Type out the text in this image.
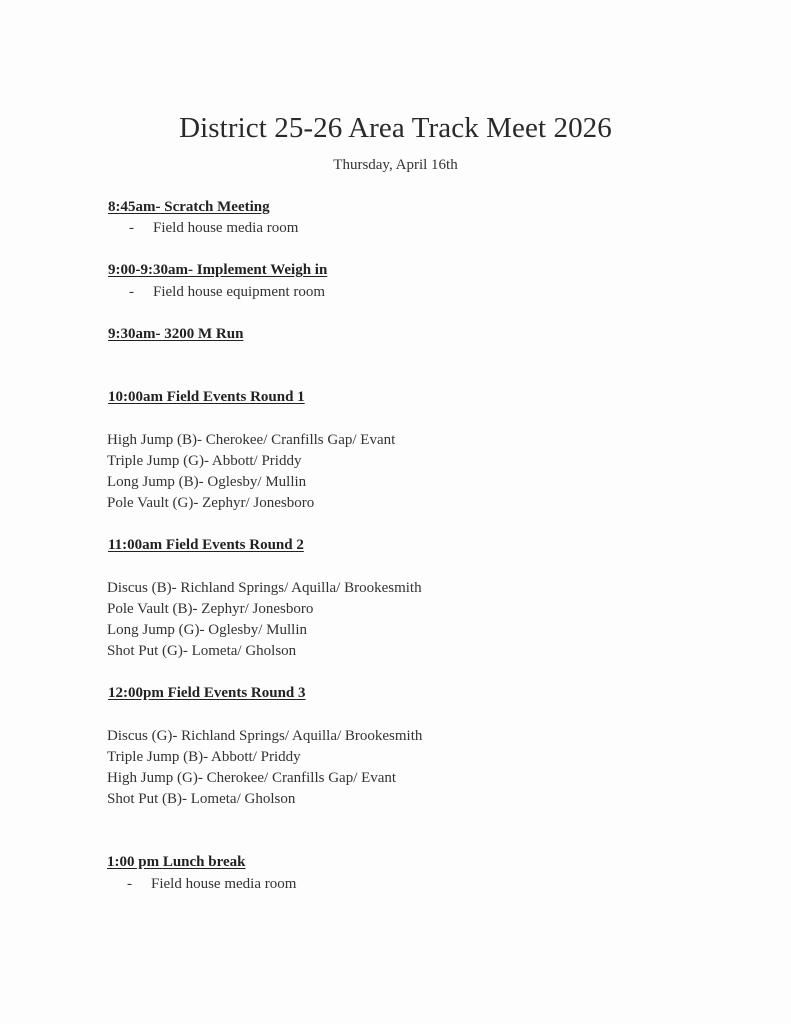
District 25-26 Area Track Meet 2026
Thursday, April 16th
8:45am- Scratch Meeting
- Field house media room
9:00-9:30am- Implement Weigh in
- Field house equipment room
9:30am- 3200 M Run
10:00am Field Events Round 1
High Jump (B)- Cherokee/ Cranfills Gap/ Evant
Triple Jump (G)- Abbott/ Priddy
Long Jump (B)- Oglesby/ Mullin
Pole Vault (G)- Zephyr/ Jonesboro
11:00am Field Events Round 2
Discus (B)- Richland Springs/ Aquilla/ Brookesmith
Pole Vault (B)- Zephyr/ Jonesboro
Long Jump (G)- Oglesby/ Mullin
Shot Put (G)- Lometa/ Gholson
12:00pm Field Events Round 3
Discus (G)- Richland Springs/ Aquilla/ Brookesmith
Triple Jump (B)- Abbott/ Priddy
High Jump (G)- Cherokee/ Cranfills Gap/ Evant
Shot Put (B)- Lometa/ Gholson
1:00 pm Lunch break
- Field house media room
